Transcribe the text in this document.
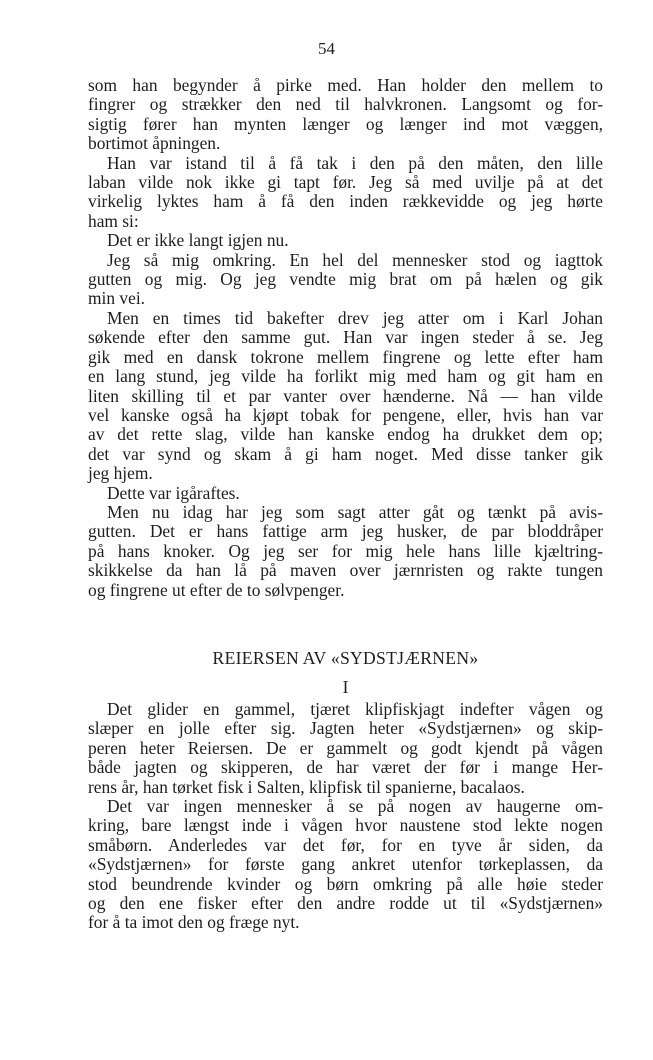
54

som han begynder å pirke med. Han holder den mellem to
fingrer og strækker den ned til halvkronen. Langsomt og for-
sigtig fører han mynten længer og længer ind mot væggen,
bortimot åpningen.

Han var istand til å få tak i den på den måten, den lille
laban vilde nok ikke gi tapt før. Jeg så med uvilje på at det
virkelig lyktes ham å få den inden rækkevidde og jeg hørte
ham si:

Det er ikke langt igjen nu.

Jeg så mig omkring. En hel del mennesker stod og iagttok
gutten og mig. Og jeg vendte mig brat om på hælen og gik
min vei.

Men en times tid bakefter drev jeg atter om i Karl Johan
søkende efter den samme gut. Han var ingen steder å se. Jeg
gik med en dansk tokrone mellem fingrene og lette efter ham
en lang stund, jeg vilde ha forlikt mig med ham og git ham en
liten skilling til et par vanter over hænderne. Nå — han vilde
vel kanske også ha kjøpt tobak for pengene, eller, hvis han var
av det rette slag, vilde han kanske endog ha drukket dem op;
det var synd og skam å gi ham noget. Med disse tanker gik
jeg hjem.

Dette var igåraftes.

Men nu idag har jeg som sagt atter gåt og tænkt på avis-
gutten. Det er hans fattige arm jeg husker, de par bloddråper
på hans knoker. Og jeg ser for mig hele hans lille kjæltring-
skikkelse da han lå på maven over jærnristen og rakte tungen
og fingrene ut efter de to sølvpenger.

REIERSEN AV «SYDSTJÆRNEN»
I

Det glider en gammel, tjæret klipfiskjagt indefter vågen og
slæper en jolle efter sig. Jagten heter «Sydstjærnen» og skip-
peren heter Reiersen. De er gammelt og godt kjendt på vågen
både jagten og skipperen, de har været der før i mange Her-
rens år, han tørket fisk i Salten, klipfisk til spanierne, bacalaos.

Det var ingen mennesker å se på nogen av haugerne om-
kring, bare længst inde i vågen hvor naustene stod lekte nogen
småbørn. Anderledes var det før, for en tyve år siden, da
«Sydstjærnen» for første gang ankret utenfor tørkeplassen, da
stod beundrende kvinder og børn omkring på alle høie steder
og den ene fisker efter den andre rodde ut til «Sydstjærnen»
for å ta imot den og fræge nyt.
